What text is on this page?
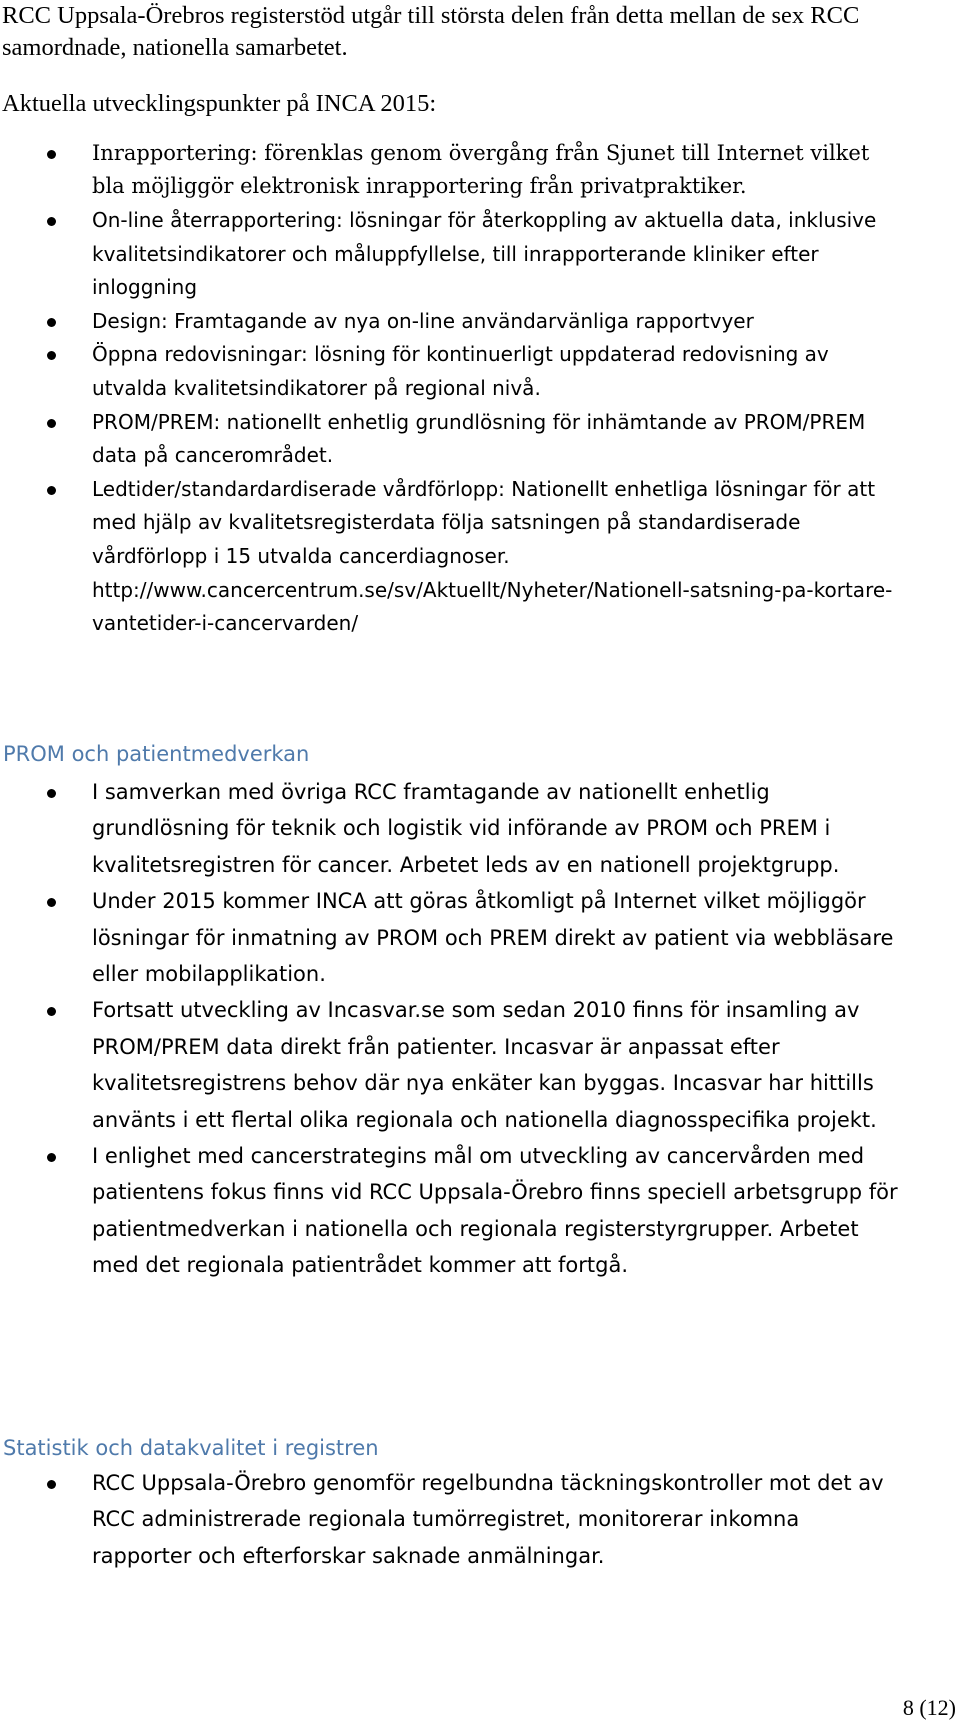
RCC Uppsala-Örebros registerstöd utgår till största delen från detta mellan de sex RCC samordnade, nationella samarbetet.

Aktuella utvecklingspunkter på INCA 2015:

Inrapportering: förenklas genom övergång från Sjunet till Internet vilket bla möjliggör elektronisk inrapportering från privatpraktiker.
On-line återrapportering: lösningar för återkoppling av aktuella data, inklusive kvalitetsindikatorer och måluppfyllelse, till inrapporterande kliniker efter inloggning
Design: Framtagande av nya on-line användarvänliga rapportvyer
Öppna redovisningar: lösning för kontinuerligt uppdaterad redovisning av utvalda kvalitetsindikatorer på regional nivå.
PROM/PREM: nationellt enhetlig grundlösning för inhämtande av PROM/PREM data på cancerområdet.
Ledtider/standardardiserade vårdförlopp: Nationellt enhetliga lösningar för att med hjälp av kvalitetsregisterdata följa satsningen på standardiserade vårdförlopp i 15 utvalda cancerdiagnoser.
http://www.cancercentrum.se/sv/Aktuellt/Nyheter/Nationell-satsning-pa-kortare-vantetider-i-cancervarden/
PROM och patientmedverkan
I samverkan med övriga RCC framtagande av nationellt enhetlig grundlösning för teknik och logistik vid införande av PROM och PREM i kvalitetsregistren för cancer. Arbetet leds av en nationell projektgrupp.
Under 2015 kommer INCA att göras åtkomligt på Internet vilket möjliggör lösningar för inmatning av PROM och PREM direkt av patient via webbläsare eller mobilapplikation.
Fortsatt utveckling av Incasvar.se som sedan 2010 finns för insamling av PROM/PREM data direkt från patienter. Incasvar är anpassat efter kvalitetsregistrens behov där nya enkäter kan byggas. Incasvar har hittills använts i ett flertal olika regionala och nationella diagnosspecifika projekt.
I enlighet med cancerstrategins mål om utveckling av cancervården med patientens fokus finns vid RCC Uppsala-Örebro finns speciell arbetsgrupp för patientmedverkan i nationella och regionala registerstyrgrupper. Arbetet med det regionala patientrådet kommer att fortgå.
Statistik och datakvalitet i registren
RCC Uppsala-Örebro genomför regelbundna täckningskontroller mot det av RCC administrerade regionala tumörregistret, monitorerar inkomna rapporter och efterforskar saknade anmälningar.
8 (12)
